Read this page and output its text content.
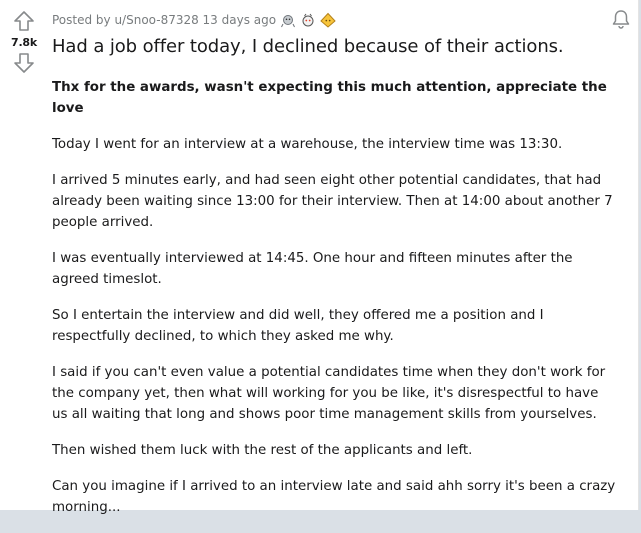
7.8k
Posted by u/Snoo-87328 13 days ago
Had a job offer today, I declined because of their actions.

Thx for the awards, wasn't expecting this much attention, appreciate the love

Today I went for an interview at a warehouse, the interview time was 13:30.

I arrived 5 minutes early, and had seen eight other potential candidates, that had already been waiting since 13:00 for their interview. Then at 14:00 about another 7 people arrived.

I was eventually interviewed at 14:45. One hour and fifteen minutes after the agreed timeslot.

So I entertain the interview and did well, they offered me a position and I respectfully declined, to which they asked me why.

I said if you can't even value a potential candidates time when they don't work for the company yet, then what will working for you be like, it's disrespectful to have us all waiting that long and shows poor time management skills from yourselves.

Then wished them luck with the rest of the applicants and left.

Can you imagine if I arrived to an interview late and said ahh sorry it's been a crazy morning...
